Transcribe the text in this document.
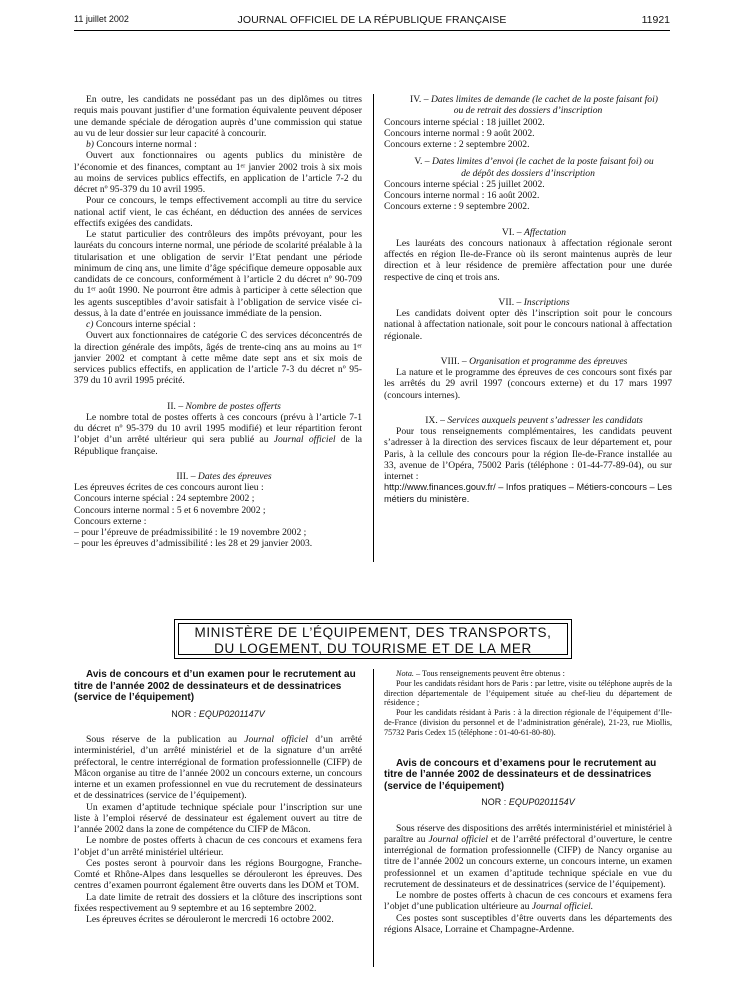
11 juillet 2002	JOURNAL OFFICIEL DE LA RÉPUBLIQUE FRANÇAISE	11921

En outre, les candidats ne possédant pas un des diplômes ou titres requis mais pouvant justifier d’une formation équivalente peuvent déposer une demande spéciale de dérogation auprès d’une commission qui statue au vu de leur dossier sur leur capacité à concourir.

b) Concours interne normal :

Ouvert aux fonctionnaires ou agents publics du ministère de l’économie et des finances, comptant au 1ᵉʳ janvier 2002 trois à six mois au moins de services publics effectifs, en application de l’article 7-2 du décret nº 95-379 du 10 avril 1995.

Pour ce concours, le temps effectivement accompli au titre du service national actif vient, le cas échéant, en déduction des années de services effectifs exigées des candidats.

Le statut particulier des contrôleurs des impôts prévoyant, pour les lauréats du concours interne normal, une période de scolarité préalable à la titularisation et une obligation de servir l’Etat pendant une période minimum de cinq ans, une limite d’âge spécifique demeure opposable aux candidats de ce concours, conformément à l’article 2 du décret nº 90-709 du 1ᵉʳ août 1990. Ne pourront être admis à participer à cette sélection que les agents susceptibles d’avoir satisfait à l’obligation de service visée ci-dessus, à la date d’entrée en jouissance immédiate de la pension.

c) Concours interne spécial :

Ouvert aux fonctionnaires de catégorie C des services déconcentrés de la direction générale des impôts, âgés de trente-cinq ans au moins au 1ᵉʳ janvier 2002 et comptant à cette même date sept ans et six mois de services publics effectifs, en application de l’article 7-3 du décret nº 95-379 du 10 avril 1995 précité.

II. – Nombre de postes offerts

Le nombre total de postes offerts à ces concours (prévu à l’article 7-1 du décret nº 95-379 du 10 avril 1995 modifié) et leur répartition feront l’objet d’un arrêté ultérieur qui sera publié au Journal officiel de la République française.

III. – Dates des épreuves

Les épreuves écrites de ces concours auront lieu :

Concours interne spécial : 24 septembre 2002 ;

Concours interne normal : 5 et 6 novembre 2002 ;

Concours externe :

– pour l’épreuve de préadmissibilité : le 19 novembre 2002 ;

– pour les épreuves d’admissibilité : les 28 et 29 janvier 2003.

IV. – Dates limites de demande (le cachet de la poste faisant foi) ou de retrait des dossiers d’inscription

Concours interne spécial : 18 juillet 2002.

Concours interne normal : 9 août 2002.

Concours externe : 2 septembre 2002.

V. – Dates limites d’envoi (le cachet de la poste faisant foi) ou de dépôt des dossiers d’inscription

Concours interne spécial : 25 juillet 2002.

Concours interne normal : 16 août 2002.

Concours externe : 9 septembre 2002.

VI. – Affectation

Les lauréats des concours nationaux à affectation régionale seront affectés en région Ile-de-France où ils seront maintenus auprès de leur direction et à leur résidence de première affectation pour une durée respective de cinq et trois ans.

VII. – Inscriptions

Les candidats doivent opter dès l’inscription soit pour le concours national à affectation nationale, soit pour le concours national à affectation régionale.

VIII. – Organisation et programme des épreuves

La nature et le programme des épreuves de ces concours sont fixés par les arrêtés du 29 avril 1997 (concours externe) et du 17 mars 1997 (concours internes).

IX. – Services auxquels peuvent s’adresser les candidats

Pour tous renseignements complémentaires, les candidats peuvent s’adresser à la direction des services fiscaux de leur département et, pour Paris, à la cellule des concours pour la région Ile-de-France installée au 33, avenue de l’Opéra, 75002 Paris (téléphone : 01-44-77-89-04), ou sur internet :

http://www.finances.gouv.fr/ – Infos pratiques – Métiers-concours – Les métiers du ministère.

MINISTÈRE DE L’ÉQUIPEMENT, DES TRANSPORTS,
DU LOGEMENT, DU TOURISME ET DE LA MER

Avis de concours et d’un examen pour le recrutement au titre de l’année 2002 de dessinateurs et de dessinatrices (service de l’équipement)

NOR : EQUP0201147V

Sous réserve de la publication au Journal officiel d’un arrêté interministériel, d’un arrêté ministériel et de la signature d’un arrêté préfectoral, le centre interrégional de formation professionnelle (CIFP) de Mâcon organise au titre de l’année 2002 un concours externe, un concours interne et un examen professionnel en vue du recrutement de dessinateurs et de dessinatrices (service de l’équipement).

Un examen d’aptitude technique spéciale pour l’inscription sur une liste à l’emploi réservé de dessinateur est également ouvert au titre de l’année 2002 dans la zone de compétence du CIFP de Mâcon.

Le nombre de postes offerts à chacun de ces concours et examens fera l’objet d’un arrêté ministériel ultérieur.

Ces postes seront à pourvoir dans les régions Bourgogne, Franche-Comté et Rhône-Alpes dans lesquelles se dérouleront les épreuves. Des centres d’examen pourront également être ouverts dans les DOM et TOM.

La date limite de retrait des dossiers et la clôture des inscriptions sont fixées respectivement au 9 septembre et au 16 septembre 2002.

Les épreuves écrites se dérouleront le mercredi 16 octobre 2002.

Nota. – Tous renseignements peuvent être obtenus :

Pour les candidats résidant hors de Paris : par lettre, visite ou téléphone auprès de la direction départementale de l’équipement située au chef-lieu du département de résidence ;

Pour les candidats résidant à Paris : à la direction régionale de l’équipement d’Ile-de-France (division du personnel et de l’administration générale), 21-23, rue Miollis, 75732 Paris Cedex 15 (téléphone : 01-40-61-80-80).

Avis de concours et d’examens pour le recrutement au titre de l’année 2002 de dessinateurs et de dessinatrices (service de l’équipement)

NOR : EQUP0201154V

Sous réserve des dispositions des arrêtés interministériel et ministériel à paraître au Journal officiel et de l’arrêté préfectoral d’ouverture, le centre interrégional de formation professionnelle (CIFP) de Nancy organise au titre de l’année 2002 un concours externe, un concours interne, un examen professionnel et un examen d’aptitude technique spéciale en vue du recrutement de dessinateurs et de dessinatrices (service de l’équipement).

Le nombre de postes offerts à chacun de ces concours et examens fera l’objet d’une publication ultérieure au Journal officiel.

Ces postes sont susceptibles d’être ouverts dans les départements des régions Alsace, Lorraine et Champagne-Ardenne.
